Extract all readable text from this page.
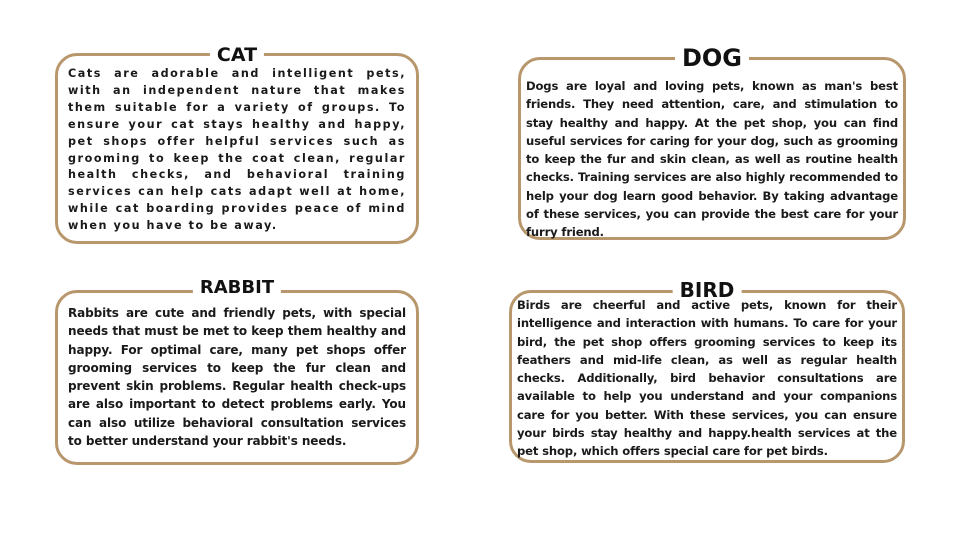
CAT

Cats are adorable and intelligent pets, with an independent nature that makes them suitable for a variety of groups. To ensure your cat stays healthy and happy, pet shops offer helpful services such as grooming to keep the coat clean, regular health checks, and behavioral training services can help cats adapt well at home, while cat boarding provides peace of mind when you have to be away.

DOG

Dogs are loyal and loving pets, known as man's best friends. They need attention, care, and stimulation to stay healthy and happy. At the pet shop, you can find useful services for caring for your dog, such as grooming to keep the fur and skin clean, as well as routine health checks. Training services are also highly recommended to help your dog learn good behavior. By taking advantage of these services, you can provide the best care for your furry friend.

RABBIT

Rabbits are cute and friendly pets, with special needs that must be met to keep them healthy and happy. For optimal care, many pet shops offer grooming services to keep the fur clean and prevent skin problems. Regular health check-ups are also important to detect problems early. You can also utilize behavioral consultation services to better understand your rabbit's needs.

BIRD

Birds are cheerful and active pets, known for their intelligence and interaction with humans. To care for your bird, the pet shop offers grooming services to keep its feathers and mid-life clean, as well as regular health checks. Additionally, bird behavior consultations are available to help you understand and your companions care for you better. With these services, you can ensure your birds stay healthy and happy.health services at the pet shop, which offers special care for pet birds.
